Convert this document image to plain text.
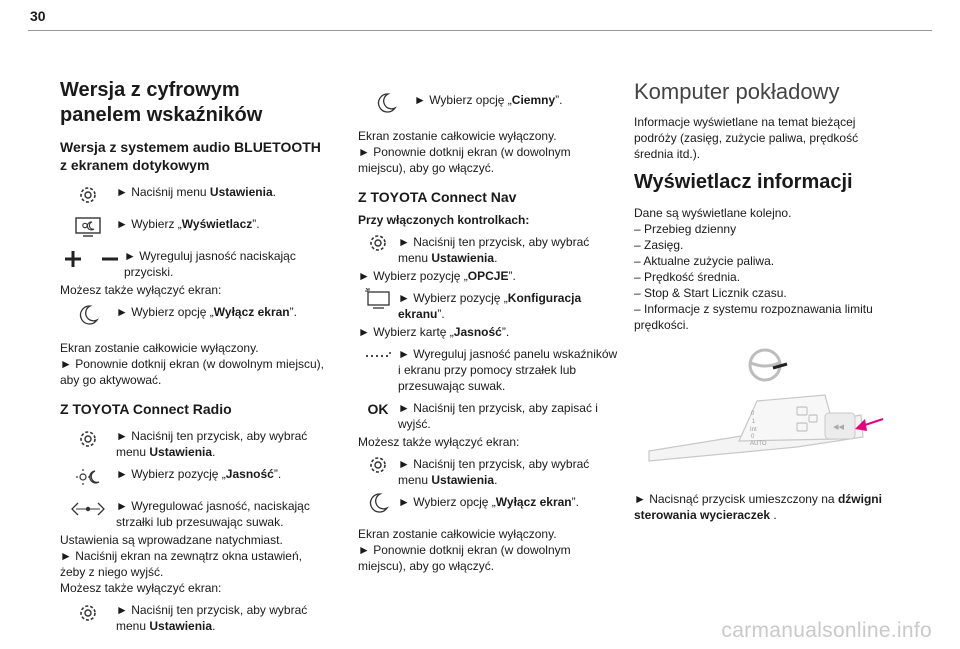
30
Wersja z cyfrowym panelem wskaźników
Wersja z systemem audio BLUETOOTH z ekranem dotykowym

► Naciśnij menu Ustawienia.

► Wybierz „Wyświetlacz”.

► Wyreguluj jasność naciskając przyciski.

Możesz także wyłączyć ekran:

► Wybierz opcję „Wyłącz ekran”.

Ekran zostanie całkowicie wyłączony.

► Ponownie dotknij ekran (w dowolnym miejscu), aby go aktywować.

Z TOYOTA Connect Radio

► Naciśnij ten przycisk, aby wybrać menu Ustawienia.

► Wybierz pozycję „Jasność”.

► Wyregulować jasność, naciskając strzałki lub przesuwając suwak.

Ustawienia są wprowadzane natychmiast.

► Naciśnij ekran na zewnątrz okna ustawień, żeby z niego wyjść.

Możesz także wyłączyć ekran:

► Naciśnij ten przycisk, aby wybrać menu Ustawienia.

► Wybierz opcję „Ciemny”.

Ekran zostanie całkowicie wyłączony.

► Ponownie dotknij ekran (w dowolnym miejscu), aby go włączyć.

Z TOYOTA Connect Nav
Przy włączonych kontrolkach:

► Naciśnij ten przycisk, aby wybrać menu Ustawienia.

► Wybierz pozycję „OPCJE”.

► Wybierz pozycję „Konfiguracja ekranu”.

► Wybierz kartę „Jasność”.

► Wyreguluj jasność panelu wskaźników i ekranu przy pomocy strzałek lub przesuwając suwak.

OK ► Naciśnij ten przycisk, aby zapisać i wyjść.

Możesz także wyłączyć ekran:

► Naciśnij ten przycisk, aby wybrać menu Ustawienia.

► Wybierz opcję „Wyłącz ekran”.

Ekran zostanie całkowicie wyłączony.

► Ponownie dotknij ekran (w dowolnym miejscu), aby go włączyć.

Komputer pokładowy

Informacje wyświetlane na temat bieżącej podróży (zasięg, zużycie paliwa, prędkość średnia itd.).

Wyświetlacz informacji

Dane są wyświetlane kolejno.

– Przebieg dzienny

– Zasięg.

– Aktualne zużycie paliwa.

– Prędkość średnia.

– Stop & Start Licznik czasu.

– Informacje z systemu rozpoznawania limitu prędkości.

◂◂
0
1
Int
0
AUTO

► Nacisnąć przycisk umieszczony na dźwigni sterowania wycieraczek .

carmanualsonline.info
